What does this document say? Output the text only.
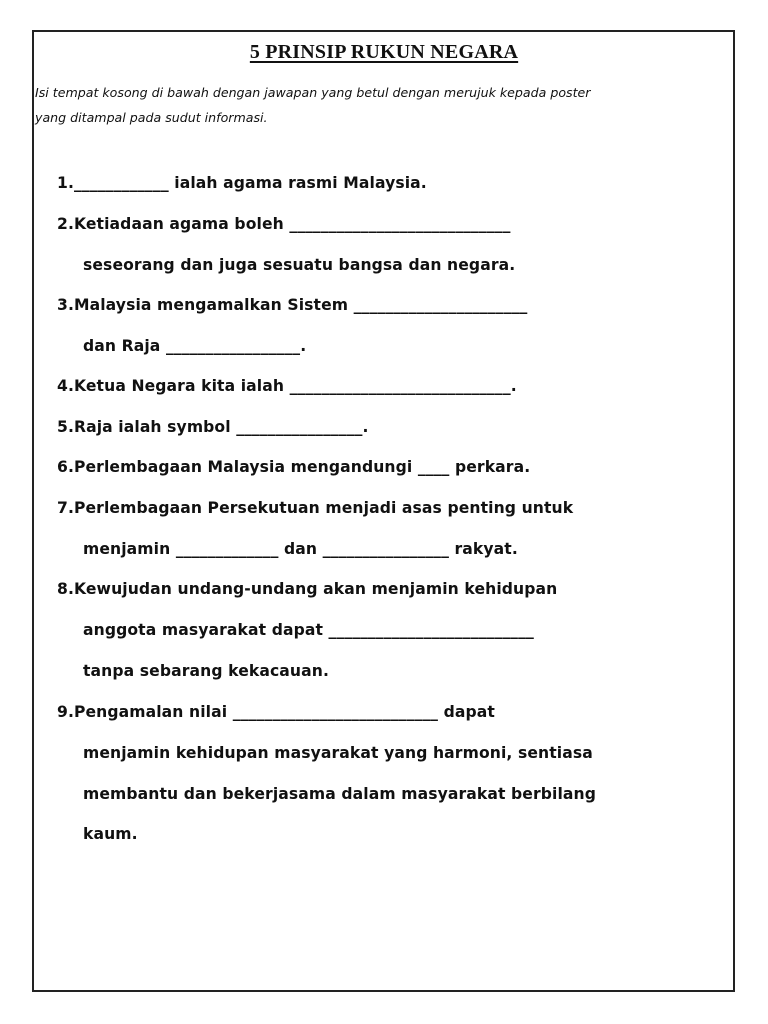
5 PRINSIP RUKUN NEGARA
Isi tempat kosong di bawah dengan jawapan yang betul dengan merujuk kepada poster
yang ditampal pada sudut informasi.

1.____________ ialah agama rasmi Malaysia.

2.Ketiadaan agama boleh ____________________________

seseorang dan juga sesuatu bangsa dan negara.

3.Malaysia mengamalkan Sistem ______________________

dan Raja _________________.

4.Ketua Negara kita ialah ____________________________.

5.Raja ialah symbol ________________.

6.Perlembagaan Malaysia mengandungi ____ perkara.

7.Perlembagaan Persekutuan menjadi asas penting untuk

menjamin _____________ dan ________________ rakyat.

8.Kewujudan undang-undang akan menjamin kehidupan

anggota masyarakat dapat __________________________

tanpa sebarang kekacauan.

9.Pengamalan nilai __________________________ dapat

menjamin kehidupan masyarakat yang harmoni, sentiasa

membantu dan bekerjasama dalam masyarakat berbilang

kaum.
